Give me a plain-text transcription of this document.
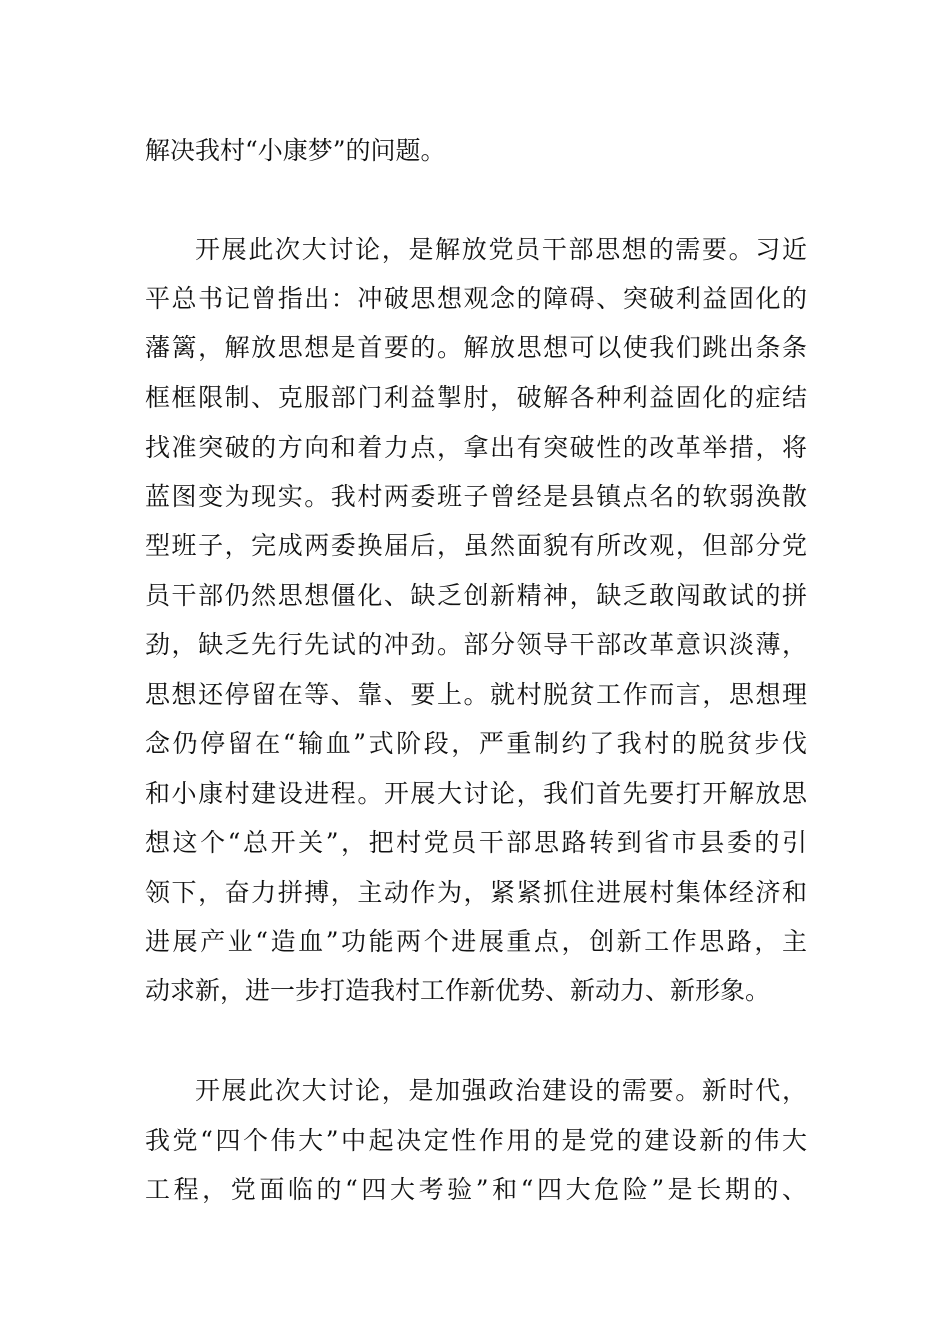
解决我村“小康梦”的问题。
开展此次大讨论，是解放党员干部思想的需要。习近
平总书记曾指出：冲破思想观念的障碍、突破利益固化的
藩篱，解放思想是首要的。解放思想可以使我们跳出条条
框框限制、克服部门利益掣肘，破解各种利益固化的症结
找准突破的方向和着力点，拿出有突破性的改革举措，将
蓝图变为现实。我村两委班子曾经是县镇点名的软弱涣散
型班子，完成两委换届后，虽然面貌有所改观，但部分党
员干部仍然思想僵化、缺乏创新精神，缺乏敢闯敢试的拼
劲，缺乏先行先试的冲劲。部分领导干部改革意识淡薄，
思想还停留在等、靠、要上。就村脱贫工作而言，思想理
念仍停留在“输血”式阶段，严重制约了我村的脱贫步伐
和小康村建设进程。开展大讨论，我们首先要打开解放思
想这个“总开关”，把村党员干部思路转到省市县委的引
领下，奋力拼搏，主动作为，紧紧抓住进展村集体经济和
进展产业“造血”功能两个进展重点，创新工作思路，主
动求新，进一步打造我村工作新优势、新动力、新形象。
开展此次大讨论，是加强政治建设的需要。新时代，
我党“四个伟大”中起决定性作用的是党的建设新的伟大
工程，党面临的“四大考验”和“四大危险”是长期的、
